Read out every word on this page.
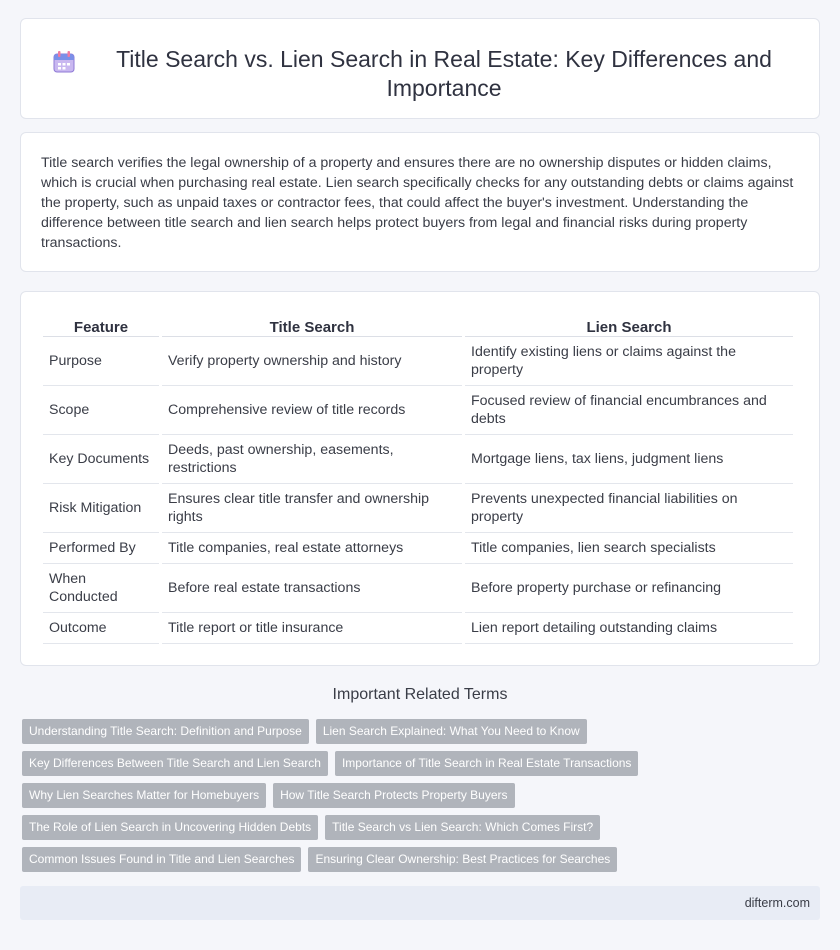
Title Search vs. Lien Search in Real Estate: Key Differences and Importance

Title search verifies the legal ownership of a property and ensures there are no ownership disputes or hidden claims, which is crucial when purchasing real estate. Lien search specifically checks for any outstanding debts or claims against the property, such as unpaid taxes or contractor fees, that could affect the buyer's investment. Understanding the difference between title search and lien search helps protect buyers from legal and financial risks during property transactions.

Feature	Title Search	Lien Search
Purpose	Verify property ownership and history	Identify existing liens or claims against the property
Scope	Comprehensive review of title records	Focused review of financial encumbrances and debts
Key Documents	Deeds, past ownership, easements, restrictions	Mortgage liens, tax liens, judgment liens
Risk Mitigation	Ensures clear title transfer and ownership rights	Prevents unexpected financial liabilities on property
Performed By	Title companies, real estate attorneys	Title companies, lien search specialists
When Conducted	Before real estate transactions	Before property purchase or refinancing
Outcome	Title report or title insurance	Lien report detailing outstanding claims
Important Related Terms
Understanding Title Search: Definition and Purpose	Lien Search Explained: What You Need to Know
Key Differences Between Title Search and Lien Search	Importance of Title Search in Real Estate Transactions
Why Lien Searches Matter for Homebuyers	How Title Search Protects Property Buyers
The Role of Lien Search in Uncovering Hidden Debts	Title Search vs Lien Search: Which Comes First?
Common Issues Found in Title and Lien Searches	Ensuring Clear Ownership: Best Practices for Searches
difterm.com
